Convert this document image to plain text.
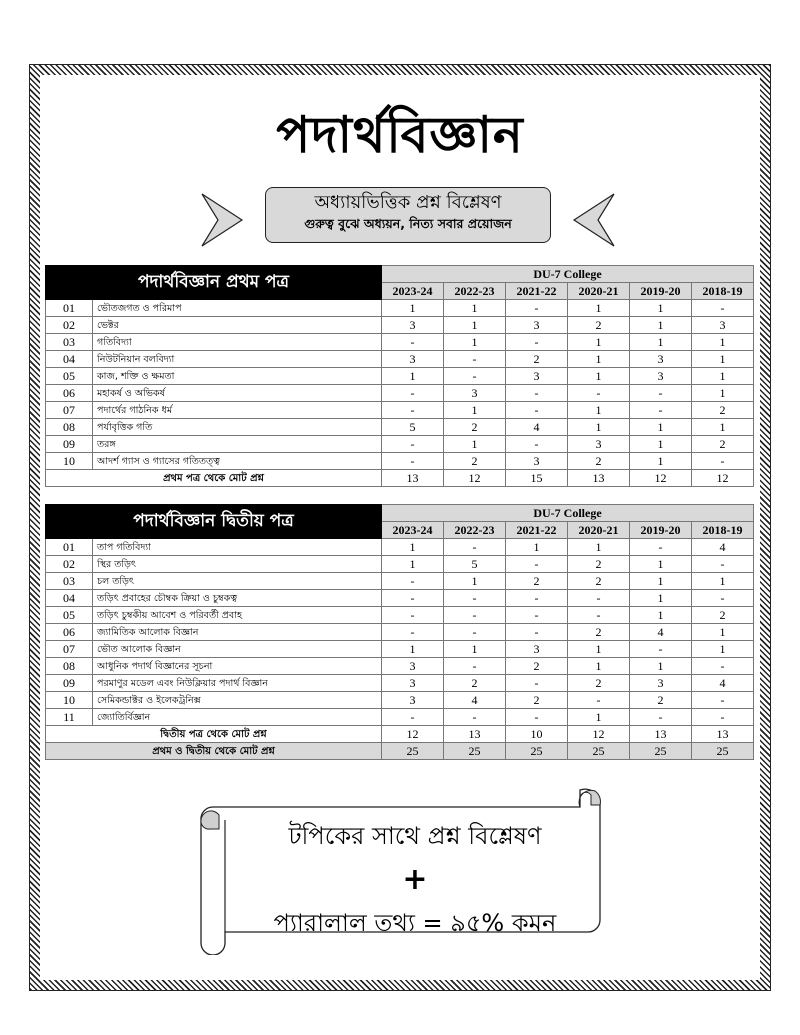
পদার্থবিজ্ঞান
অধ্যায়ভিত্তিক প্রশ্ন বিশ্লেষণ
গুরুত্ব বুঝে অধ্যয়ন, নিত্য সবার প্রয়োজন
পদার্থবিজ্ঞান প্রথম পত্র		DU-7 College					
		2023-24	2022-23	2021-22	2020-21	2019-20	2018-19
01	ভৌতজগত ও পরিমাপ	1	1	-	1	1	-
02	ভেক্টর	3	1	3	2	1	3
03	গতিবিদ্যা	-	1	-	1	1	1
04	নিউটনিয়ান বলবিদ্যা	3	-	2	1	3	1
05	কাজ, শক্তি ও ক্ষমতা	1	-	3	1	3	1
06	মহাকর্ষ ও অভিকর্ষ	-	3	-	-	-	1
07	পদার্থের গাঠনিক ধর্ম	-	1	-	1	-	2
08	পর্যাবৃত্তিক গতি	5	2	4	1	1	1
09	তরঙ্গ	-	1	-	3	1	2
10	আদর্শ গ্যাস ও গ্যাসের গতিতত্ত্ব	-	2	3	2	1	-
প্রথম পত্র থেকে মোট প্রশ্ন		13	12	15	13	12	12
পদার্থবিজ্ঞান দ্বিতীয় পত্র		DU-7 College					
		2023-24	2022-23	2021-22	2020-21	2019-20	2018-19
01	তাপ গতিবিদ্যা	1	-	1	1	-	4
02	স্থির তড়িৎ	1	5	-	2	1	-
03	চল তড়িৎ	-	1	2	2	1	1
04	তড়িৎ প্রবাহের চৌম্বক ক্রিয়া ও চুম্বকত্ব	-	-	-	-	1	-
05	তড়িৎ চুম্বকীয় আবেশ ও পরিবর্তী প্রবাহ	-	-	-	-	1	2
06	জ্যামিতিক আলোক বিজ্ঞান	-	-	-	2	4	1
07	ভৌত আলোক বিজ্ঞান	1	1	3	1	-	1
08	আধুনিক পদার্থ বিজ্ঞানের সূচনা	3	-	2	1	1	-
09	পরমাণুর মডেল এবং নিউক্লিয়ার পদার্থ বিজ্ঞান	3	2	-	2	3	4
10	সেমিকন্ডাক্টর ও ইলেকট্রনিক্স	3	4	2	-	2	-
11	জ্যোতির্বিজ্ঞান	-	-	-	1	-	-
দ্বিতীয় পত্র থেকে মোট প্রশ্ন		12	13	10	12	13	13
প্রথম ও দ্বিতীয় থেকে মোট প্রশ্ন		25	25	25	25	25	25
টপিকের সাথে প্রশ্ন বিশ্লেষণ
+
প্যারালাল তথ্য = ৯৫% কমন
